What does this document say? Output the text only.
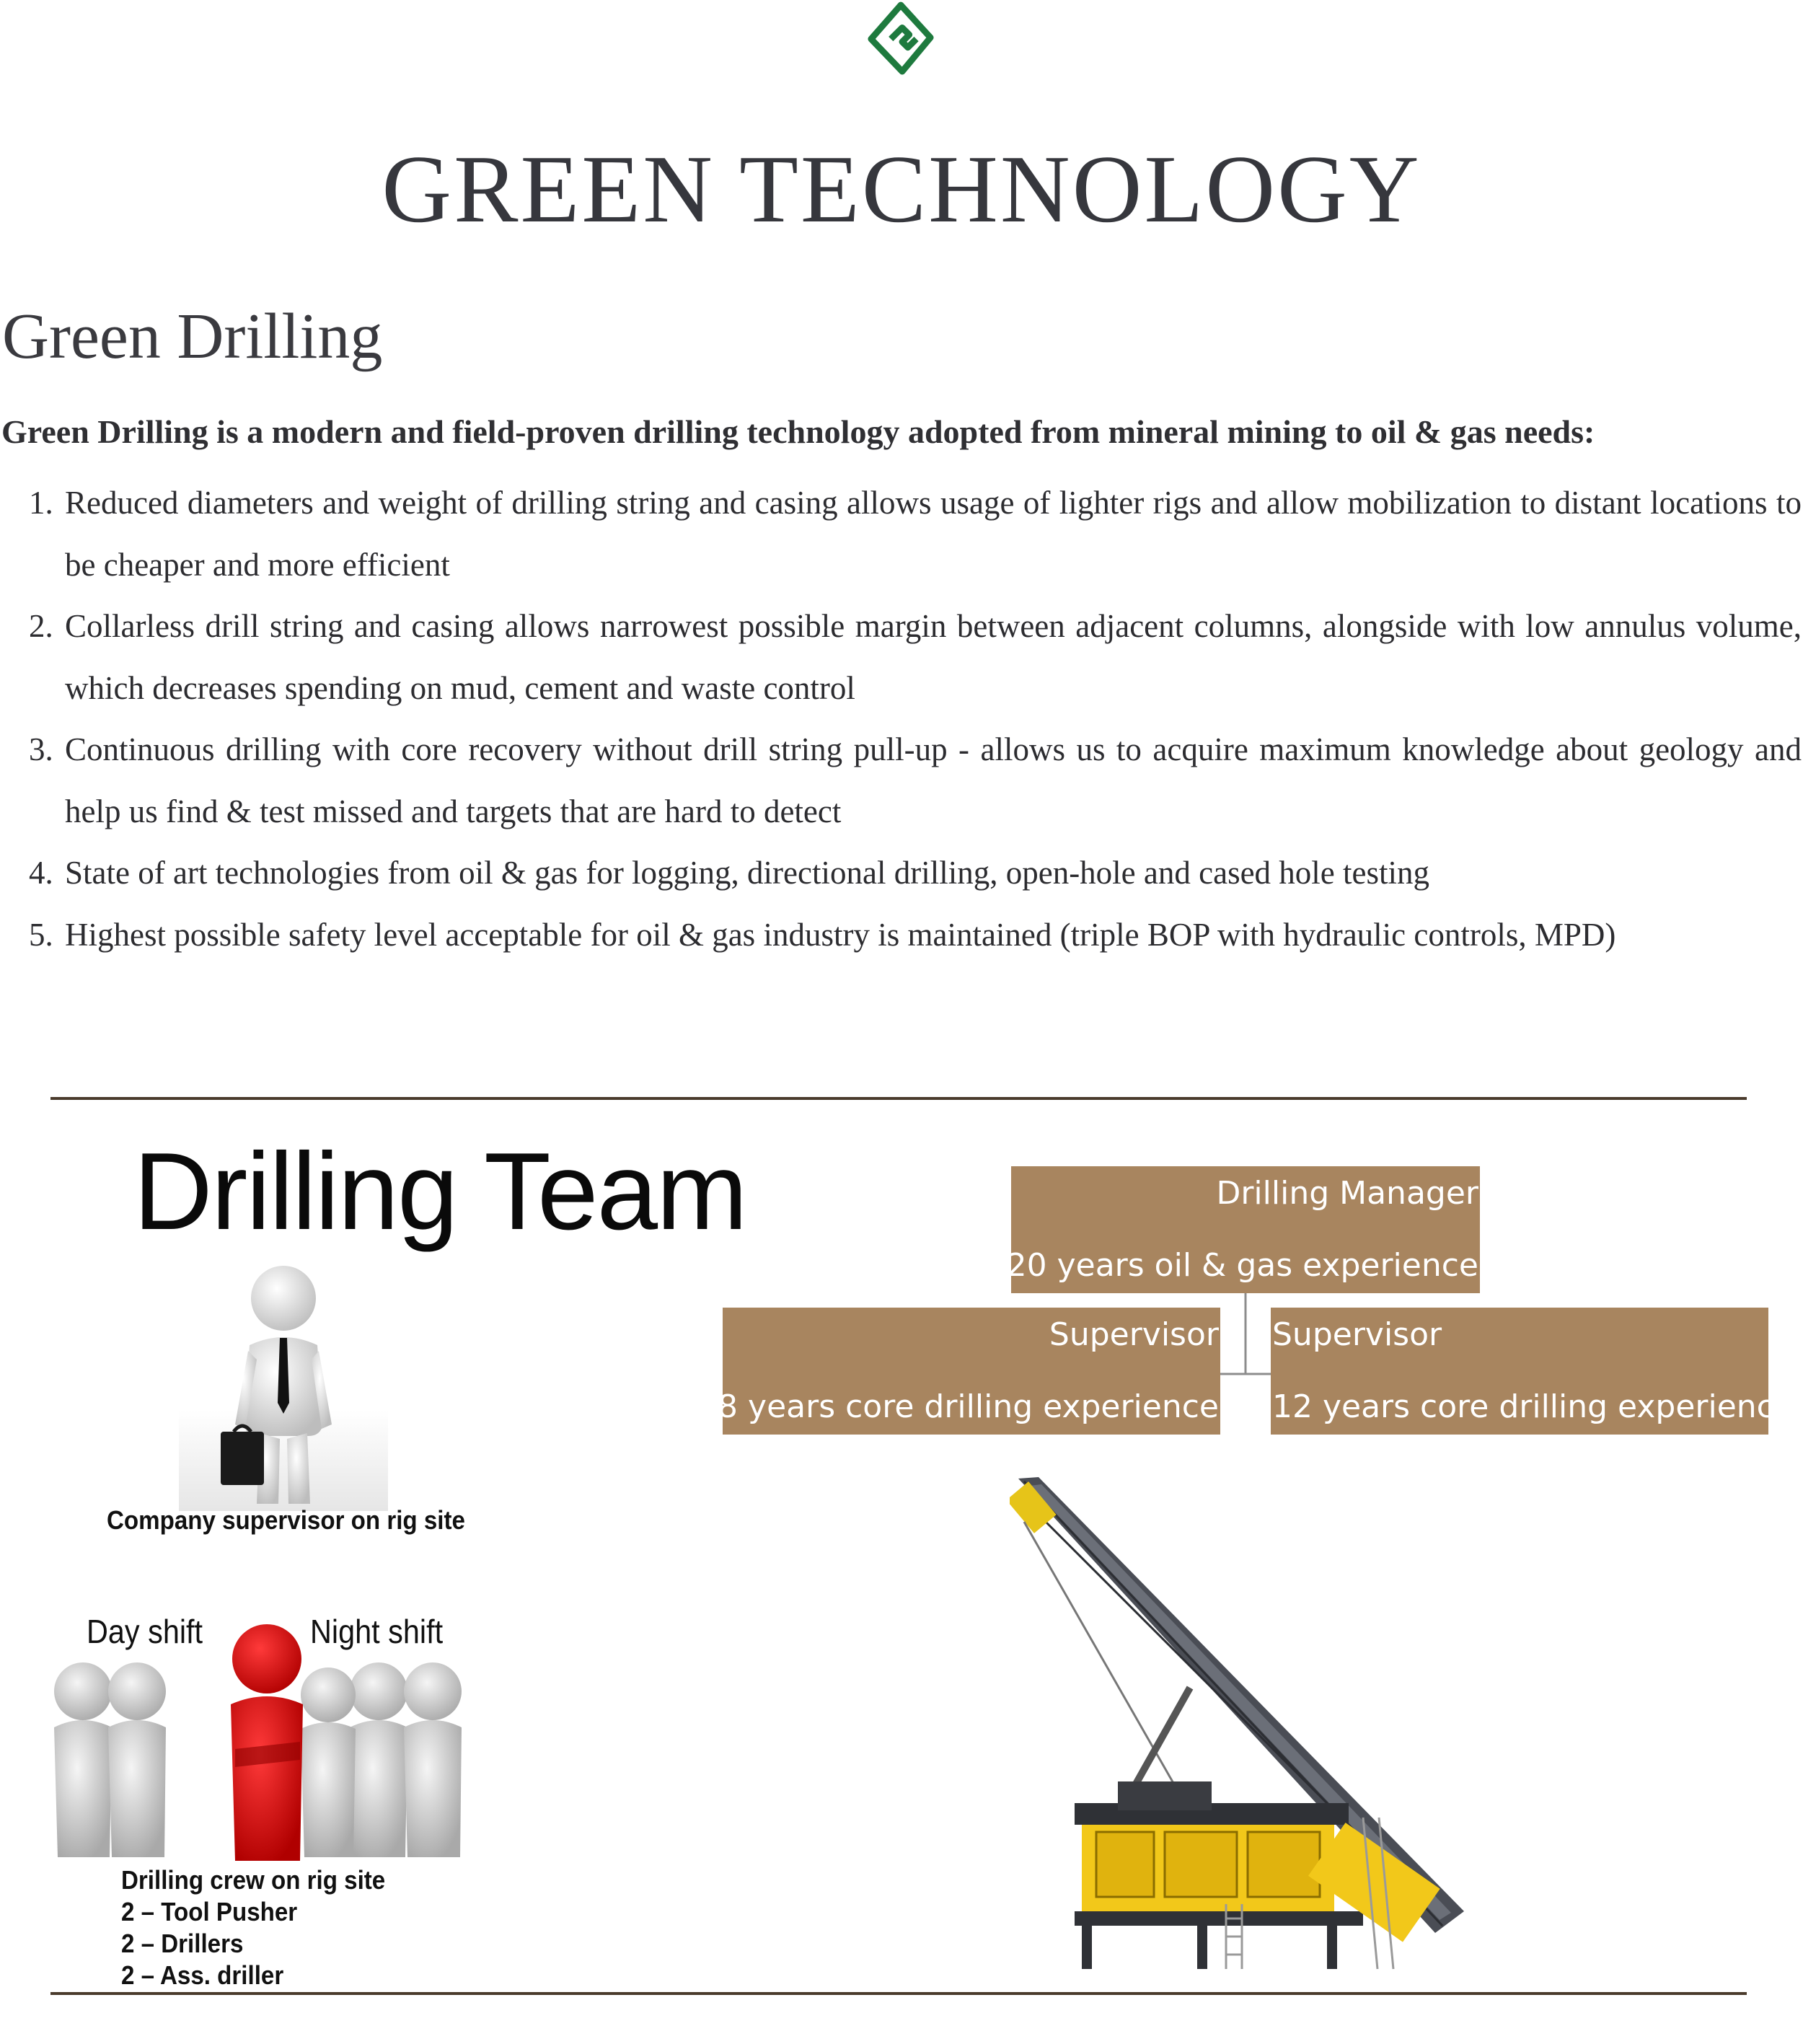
GREEN TECHNOLOGY
Green Drilling
Green Drilling is a modern and field-proven drilling technology adopted from mineral mining to oil & gas needs:
1. Reduced diameters and weight of drilling string and casing allows usage of lighter rigs and allow mobilization to distant locations to be cheaper and more efficient
2. Collarless drill string and casing allows narrowest possible margin between adjacent columns, alongside with low annulus volume, which decreases spending on mud, cement and waste control
3. Continuous drilling with core recovery without drill string pull-up - allows us to acquire maximum knowledge about geology and help us find & test missed and targets that are hard to detect
4. State of art technologies from oil & gas for logging, directional drilling, open-hole and cased hole testing
5. Highest possible safety level acceptable for oil & gas industry is maintained (triple BOP with hydraulic controls, MPD)
Drilling Team	Drilling Manager
20 years oil & gas experience
Supervisor
18 years core drilling experience
Supervisor
12 years core drilling experience
Company supervisor on rig site
Day shift	Night shift
Drilling crew on rig site
2 – Tool Pusher
2 – Drillers
2 – Ass. driller
